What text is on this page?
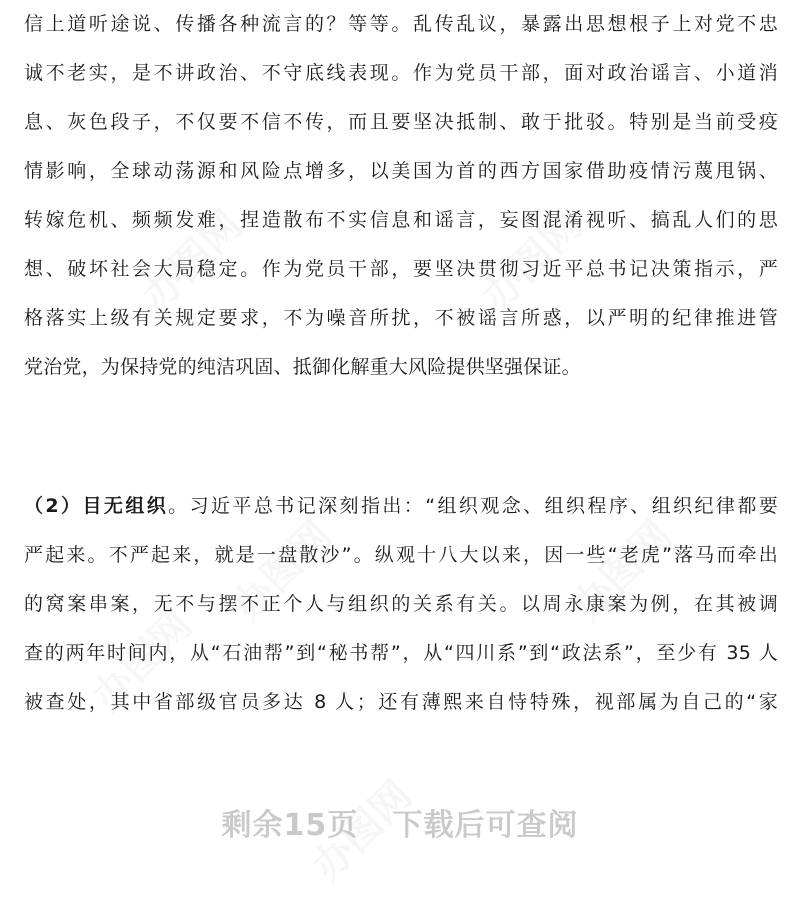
信上道听途说、传播各种流言的？等等。乱传乱议，暴露出思想根子上对党不忠
诚不老实，是不讲政治、不守底线表现。作为党员干部，面对政治谣言、小道消
息、灰色段子，不仅要不信不传，而且要坚决抵制、敢于批驳。特别是当前受疫
情影响，全球动荡源和风险点增多，以美国为首的西方国家借助疫情污蔑甩锅、
转嫁危机、频频发难，捏造散布不实信息和谣言，妄图混淆视听、搞乱人们的思
想、破坏社会大局稳定。作为党员干部，要坚决贯彻习近平总书记决策指示，严
格落实上级有关规定要求，不为噪音所扰，不被谣言所惑，以严明的纪律推进管
党治党，为保持党的纯洁巩固、抵御化解重大风险提供坚强保证。
（2）目无组织。习近平总书记深刻指出：“组织观念、组织程序、组织纪律都要
严起来。不严起来，就是一盘散沙”。纵观十八大以来，因一些“老虎”落马而牵出
的窝案串案，无不与摆不正个人与组织的关系有关。以周永康案为例，在其被调
查的两年时间内，从“石油帮”到“秘书帮”，从“四川系”到“政法系”，至少有 35 人
被查处，其中省部级官员多达 8 人；还有薄熙来自恃特殊，视部属为自己的“家
剩余15页   下载后可查阅
